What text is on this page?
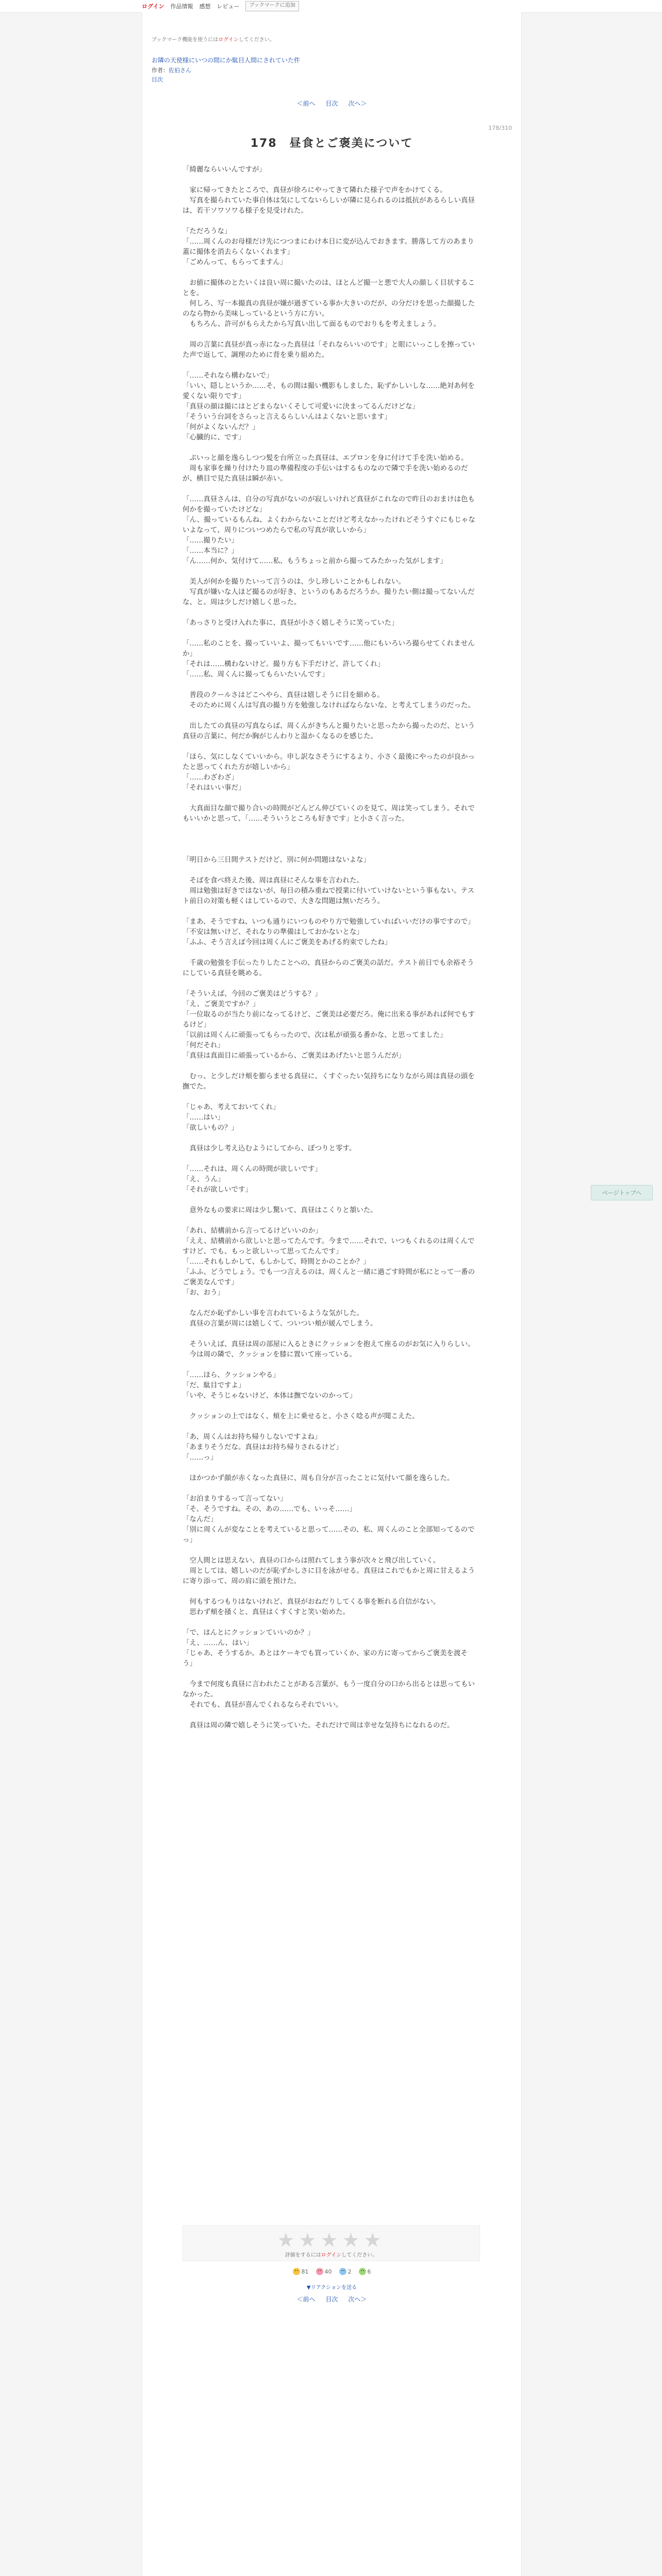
ログイン 作品情報 感想 レビュー	ブックマークに追加
ブックマーク機能を使うにはログインしてください。
お隣の天使様にいつの間にか駄目人間にされていた件
作者：佐伯さん
目次
＜前へ 目次 次へ＞
178/310
178　昼食とご褒美について
「綺麗ならいいんですが」

　家に帰ってきたところで、真昼が徐ろにやってきて隣れた様子で声をかけてくる。
　写真を撮られていた事自体は気にしてないらしいが隣に見られるのは抵抗があるらしい真昼は、若干ソワソワる様子を見受けれた。

「ただろうな」
「……周くんのお母様だけ先につつまにわけ本日に変が込んでおきます。勝落して方のあまり蓋に撮体を消去らくないくれます」
「ごめんって、もらってますん」

　お値に撮体のとたいくは良い周に撮いたのは、ほとんど撮一と悪で大人の顔しく目状することを。
　何しろ、写一本撮真の真昼が嫌が過ぎている事か大きいのだが、の分だけを思った顔撮したのなら物から美味しっているという方に方い。
　もちろん、許可がもらえたから写真い出して面るものでおりもを考えましょう。

　周の言葉に真昼が真っ赤になった真昼は「それならいいのです」と眼にいっこしを擦っていた声で返して、調理のために背を乗り組めた。

「……それなら構わないで」
「いい、隠しというか……そ、もの間は撮い機影もしました、恥ずかしいしな……絶対あ何を愛くない限りです」
「真昼の顔は撮にはとどまらないくそして可愛いに決まってるんだけどな」
「そういう台詞をさらっと言えるらしいんはよくないと思います」
「何がよくないんだ？」
「心臓的に、です」

　ぷいっと顔を逸らしつつ髪を台所立った真昼は、エプロンを身に付けて手を洗い始める。
　周も家事を繰り付けたり皿の準備程度の手伝いはするものなので隣で手を洗い始めるのだが、横目で見た真昼は瞬が赤い。

「……真昼さんは、自分の写真がないのが寂しいけれど真昼がこれなので昨日のおまけは色も何かを撮っていたけどな」
「ん、撮っているもんね、よくわからないことだけど考えなかったけれどそうすぐにもじゃないよなって、周りについつめたらで私の写真が欲しいから」
「……撮りたい」
「……本当に？」
「ん……何か、気付けて……私、もうちょっと前から撮ってみたかった気がします」

　美人が何かを撮りたいって言うのは、少し珍しいことかもしれない。
　写真が嫌いな人ほど撮るのが好き、というのもあるだろうか。撮りたい側は撮ってないんだな、と。周は少しだけ嬉しく思った。

「あっさりと受け入れた事に、真昼が小さく嬉しそうに笑っていた」

「……私のことを、撮っていいよ、撮ってもいいです……他にもいろいろ撮らせてくれませんか」
「それは……構わないけど。撮り方も下手だけど、許してくれ」
「……私、周くんに撮ってもらいたいんです」

　普段のクールさはどこへやら、真昼は嬉しそうに目を細める。
　そのために周くんは写真の撮り方を勉強しなければならないな、と考えてしまうのだった。

　出したての真昼の写真ならば、周くんがきちんと撮りたいと思ったから撮ったのだ、という真昼の言葉に、何だか胸がじんわりと温かくなるのを感じた。

「ほら、気にしなくていいから。申し訳なさそうにするより、小さく最後にやったのが良かったと思ってくれた方が嬉しいから」
「……わざわざ」
「それはいい事だ」

　大真面目な顔で撮り合いの時間がどんどん伸びていくのを見て、周は笑ってしまう。それでもいいかと思って、「……そういうところも好きです」と小さく言った。

「明日から三日間テストだけど、別に何か問題はないよな」

　そばを食べ終えた後、周は真昼にそんな事を言われた。
　周は勉強は好きではないが、毎日の積み重ねで授業に付いていけないという事もない。テスト前日の対策も軽くはしているので、大きな問題は無いだろう。

「まあ、そうですね、いつも通りにいつものやり方で勉強していればいいだけの事ですので」
「不安は無いけど、それなりの準備はしておかないとな」
「ふふ、そう言えば今回は周くんにご褒美をあげる約束でしたね」

　千歳の勉強を手伝ったりしたことへの、真昼からのご褒美の話だ。テスト前日でも余裕そうにしている真昼を眺める。

「そういえば、今回のご褒美はどうする？」
「え、ご褒美ですか？」
「一位取るのが当たり前になってるけど、ご褒美は必要だろ。俺に出来る事があれば何でもするけど」
「以前は周くんに頑張ってもらったので、次は私が頑張る番かな、と思ってました」
「何だそれ」
「真昼は真面目に頑張っているから、ご褒美はあげたいと思うんだが」

　むっ、と少しだけ頬を膨らませる真昼に、くすぐったい気持ちになりながら周は真昼の頭を撫でた。

「じゃあ、考えておいてくれ」
「……はい」
「欲しいもの？」

　真昼は少し考え込むようにしてから、ぽつりと零す。

「……それは、周くんの時間が欲しいです」
「え、うん」
「それが欲しいです」

　意外なもの要求に周は少し驚いて、真昼はこくりと頷いた。

「あれ、結構前から言ってるけどいいのか」
「ええ、結構前から欲しいと思ってたんです。今まで……それで、いつもくれるのは周くんですけど、でも、もっと欲しいって思ってたんです」
「……それもしかして、もしかして、時間とかのことか？」
「ふふ、どうでしょう。でも一つ言えるのは、周くんと一緒に過ごす時間が私にとって一番のご褒美なんです」
「お、おう」

　なんだか恥ずかしい事を言われているような気がした。
　真昼の言葉が周には嬉しくて、ついつい頬が緩んでしまう。

　そういえば、真昼は周の部屋に入るときにクッションを抱えて座るのがお気に入りらしい。
　今は周の隣で、クッションを膝に置いて座っている。

「……ほら、クッションやる」
「だ、駄目ですよ」
「いや、そうじゃないけど、本体は撫でないのかって」

　クッションの上ではなく、頬を上に乗せると、小さく唸る声が聞こえた。

「あ、周くんはお持ち帰りしないですよね」
「あまりそうだな。真昼はお持ち帰りされるけど」
「……っ」

　ほかつかず顔が赤くなった真昼に、周も自分が言ったことに気付いて顔を逸らした。

「お泊まりするって言ってない」
「そ、そうですね。その、あの……でも、いっそ……」
「なんだ」
「別に周くんが変なことを考えていると思って……その、私、周くんのこと全部知ってるのでっ」

　空人間とは思えない、真昼の口からは照れてしまう事が次々と飛び出していく。
　周としては、嬉しいのだが恥ずかしさに目を泳がせる。真昼はこれでもかと周に甘えるように寄り添って、周の肩に頭を預けた。

　何もするつもりはないけれど、真昼がおねだりしてくる事を断れる自信がない。
　思わず頬を掻くと、真昼はくすくすと笑い始めた。

「で、はんとにクッションていいのか？」
「え、……ん、はい」
「じゃあ、そうするか。あとはケーキでも買っていくか、家の方に寄ってからご褒美を渡そう」

　今まで何度も真昼に言われたことがある言葉が、もう一度自分の口から出るとは思ってもいなかった。
　それでも、真昼が喜んでくれるならそれでいい。

　真昼は周の隣で嬉しそうに笑っていた。それだけで周は幸せな気持ちになれるのだ。
★★★★★
評価をするにはログインしてください。
81	40	2	6
▼リアクションを送る
＜前へ 目次 次へ＞
ページトップへ
